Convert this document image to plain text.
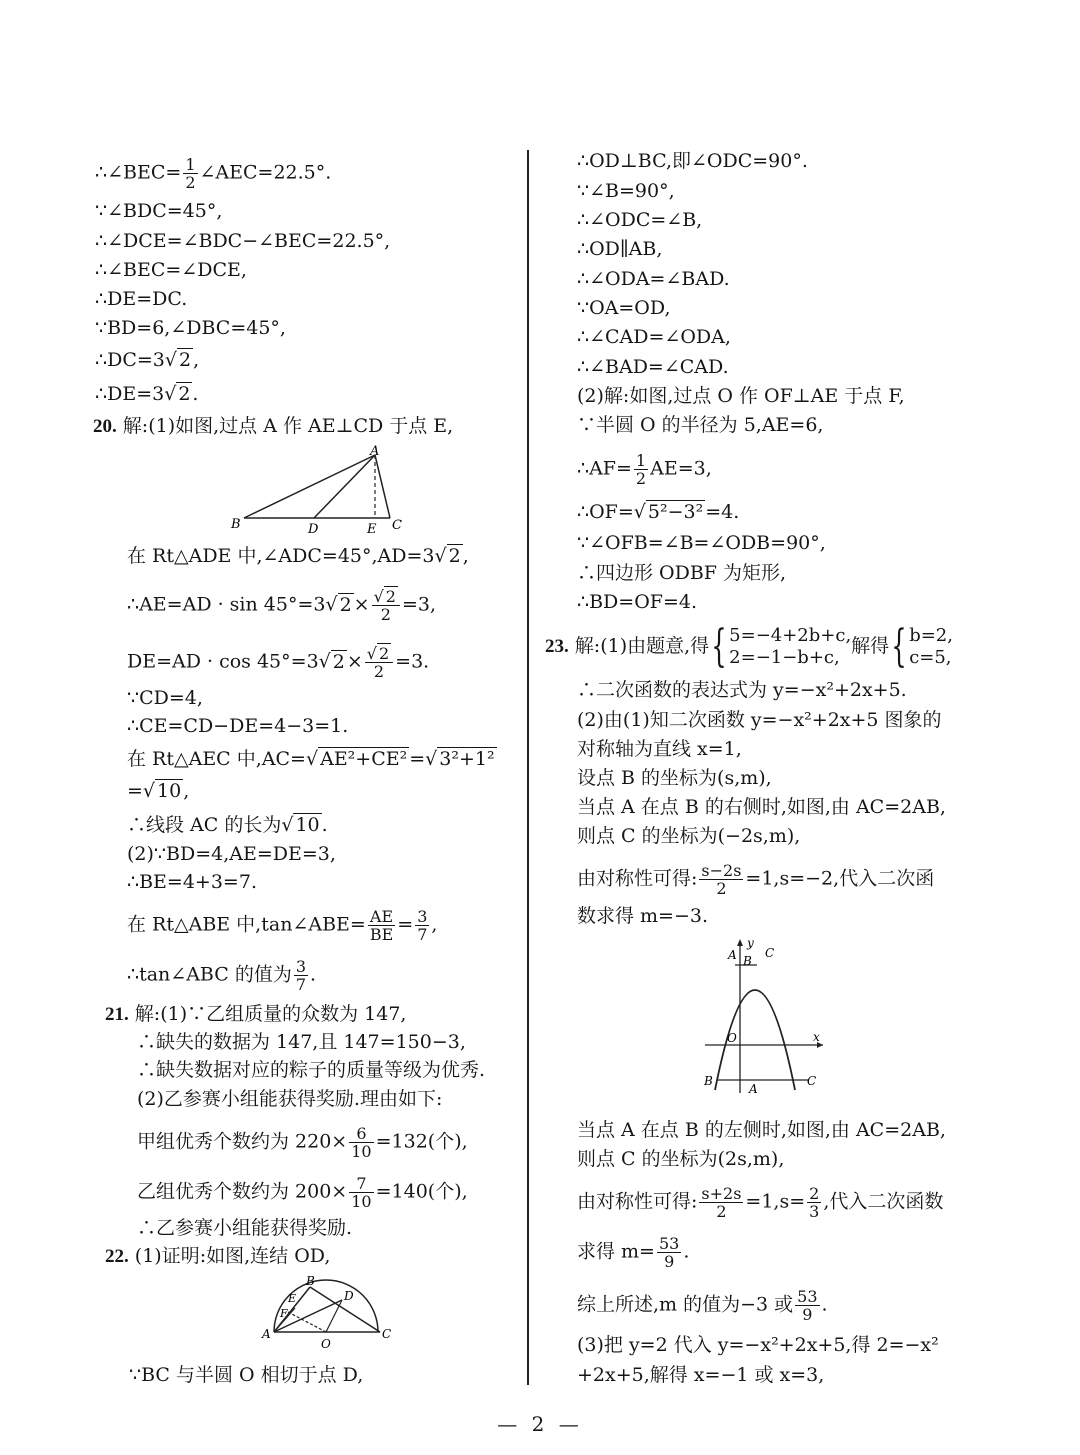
∴∠BEC= $\frac{1}{2}$ ∠AEC=22.5°.
∵∠BDC=45°,
∴∠DCE=∠BDC−∠BEC=22.5°,
∴∠BEC=∠DCE,
∴DE=DC.
∵BD=6,∠DBC=45°,
∴DC=3√ 2 ,
∴DE=3√ 2 .
20. 解:(1)如图,过点 A 作 AE⊥CD 于点 E,
A
B	D	E C
在 Rt△ADE 中,∠ADC=45°,AD=3√ 2 ,
∴AE=AD · sin 45°=3√ $2 \times \frac{√ 2}{2} =3$,
DE=AD · cos 45°=3√ $2 \times \frac{√ 2}{2} =3$.
∵CD=4,
∴CE=CD−DE=4−3=1.
在 Rt△AEC 中,AC=√ AE²+CE² =√ 3²+1²
=√ 10 ,
∴线段 AC 的长为√ 10 .
(2)∵BD=4,AE=DE=3,
∴BE=4+3=7.
在 Rt△ABE 中,tan∠ABE= $\frac{AE}{BE} = \frac{3}{7}$ ,
∴tan∠ABC 的值为 $\frac{3}{7}$ .
21. 解:(1)∵乙组质量的众数为 147,
∴缺失的数据为 147,且 147=150−3,
∴缺失数据对应的粽子的质量等级为优秀.
(2)乙参赛小组能获得奖励.理由如下:
甲组优秀个数约为 $220\times \frac{6}{10} =132$(个),
乙组优秀个数约为 $200\times \frac{7}{10} =140$(个),
∴乙参赛小组能获得奖励.
22. (1)证明:如图,连结 OD,
B
D
E
F
A
O
C
∵BC 与半圆 O 相切于点 D,
∴OD⊥BC,即∠ODC=90°.
∵∠B=90°,
∴∠ODC=∠B,
∴OD∥AB,
∴∠ODA=∠BAD.
∵OA=OD,
∴∠CAD=∠ODA,
∴∠BAD=∠CAD.
(2)解:如图,过点 O 作 OF⊥AE 于点 F,
∵半圆 O 的半径为 5,AE=6,
∴AF= $\frac{1}{2} AE=3$,
∴OF=√ 5²−3² =4.
∵∠OFB=∠B=∠ODB=90°,
∴四边形 ODBF 为矩形,
∴BD=OF=4.
23. 解:(1)由题意,得{ 5=−4+2b+c,
2=−1−b+c,
解得{ b=2,
c=5,
∴二次函数的表达式为 y=−x²+2x+5.
(2)由(1)知二次函数 y=−x²+2x+5 图象的
对称轴为直线 x=1,
设点 B 的坐标为(s,m),
当点 A 在点 B 的右侧时,如图,由 AC=2AB,
则点 C 的坐标为(−2s,m),
由对称性可得: $\frac{s-2s}{2} =1,s=-2$,代入二次函
数求得 m=−3.
y
A B
C
O	x
B
A
C
当点 A 在点 B 的左侧时,如图,由 AC=2AB,
则点 C 的坐标为(2s,m),
由对称性可得: $\frac{s+2s}{2} =1,s= \frac{2}{3}$ ,代入二次函数
求得 $m= \frac{53}{9}$ .
综上所述,m 的值为−3 或 $\frac{53}{9}$ .
(3)把 y=2 代入 y=−x²+2x+5,得 2=−x²
+2x+5,解得 x=−1 或 x=3,
— 2 —
